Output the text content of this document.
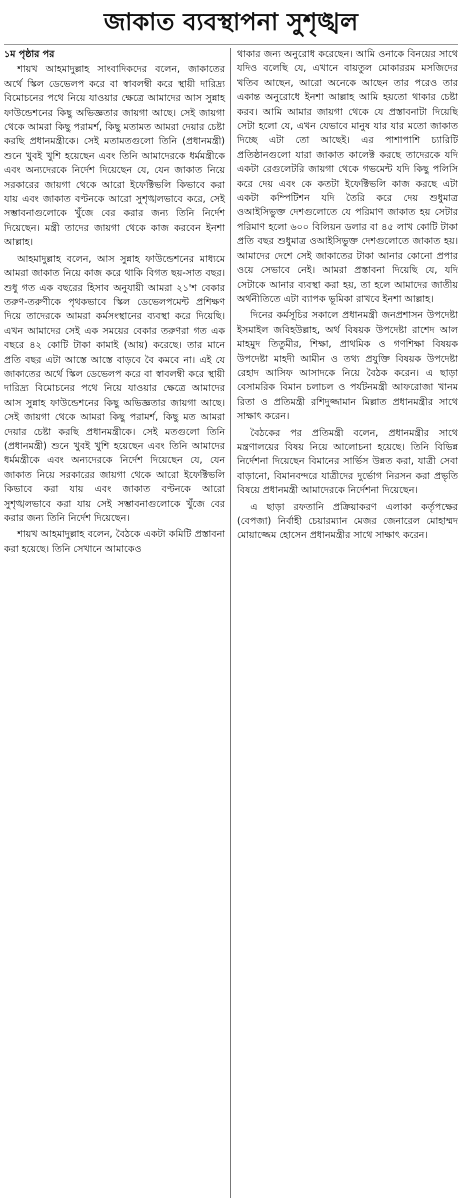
জাকাত ব্যবস্থাপনা সুশৃঙ্খল

১ম পৃষ্ঠার পর

শায়খ আহমাদুল্লাহ সাংবাদিকদের বলেন, জাকাতের অর্থে স্কিল ডেভেলপ করে বা স্বাবলম্বী করে স্থায়ী দারিদ্র্য বিমোচনের পথে নিয়ে যাওয়ার ক্ষেত্রে আমাদের আস সুন্নাহ ফাউন্ডেশনের কিছু অভিজ্ঞতার জায়গা আছে। সেই জায়গা থেকে আমরা কিছু পরামর্শ, কিছু মতামত আমরা দেয়ার চেষ্টা করছি প্রধানমন্ত্রীকে। সেই মতামতগুলো তিনি (প্রধানমন্ত্রী) শুনে খুবই খুশি হয়েছেন এবং তিনি আমাদেরকে ধর্মমন্ত্রীকে এবং অন্যদেরকে নির্দেশ দিয়েছেন যে, যেন জাকাত নিয়ে সরকারের জায়গা থেকে আরো ইফেক্টিভলি কিভাবে করা যায় এবং জাকাত বণ্টনকে আরো সুশৃঙ্খলভাবে করে, সেই সম্ভাবনাগুলোকে খুঁজে বের করার জন্য তিনি নির্দেশ দিয়েছেন। মন্ত্রী তাদের জায়গা থেকে কাজ করবেন ইনশা আল্লাহ।

আহমাদুল্লাহ বলেন, আস সুন্নাহ ফাউন্ডেশনের মাধ্যমে আমরা জাকাত নিয়ে কাজ করে থাকি বিগত ছয়-সাত বছর। শুধু গত এক বছরের হিসাব অনুযায়ী আমরা ২১'শ বেকার তরুণ-তরুণীকে পৃথকভাবে স্কিল ডেভেলপমেন্ট প্রশিক্ষণ দিয়ে তাদেরকে আমরা কর্মসংস্থানের ব্যবস্থা করে দিয়েছি। এখন আমাদের সেই এক সময়ের বেকার তরুণরা গত এক বছরে ৪২ কোটি টাকা কামাই (আয়) করেছে। তার মানে প্রতি বছর এটা আস্তে আস্তে বাড়বে বৈ কমবে না। এই যে জাকাতের অর্থে স্কিল ডেভেলপ করে বা স্বাবলম্বী করে স্থায়ী দারিদ্র্য বিমোচনের পথে নিয়ে যাওয়ার ক্ষেত্রে আমাদের আস সুন্নাহ ফাউন্ডেশনের কিছু অভিজ্ঞতার জায়গা আছে। সেই জায়গা থেকে আমরা কিছু পরামর্শ, কিছু মত আমরা দেয়ার চেষ্টা করছি প্রধানমন্ত্রীকে। সেই মতগুলো তিনি (প্রধানমন্ত্রী) শুনে খুবই খুশি হয়েছেন এবং তিনি আমাদের ধর্মমন্ত্রীকে এবং অন্যদেরকে নির্দেশ দিয়েছেন যে, যেন জাকাত নিয়ে সরকারের জায়গা থেকে আরো ইফেক্টিভলি কিভাবে করা যায় এবং জাকাত বণ্টনকে আরো সুশৃঙ্খলভাবে করা যায় সেই সম্ভাবনাগুলোকে খুঁজে বের করার জন্য তিনি নির্দেশ দিয়েছেন।

শায়খ আহমাদুল্লাহ বলেন, বৈঠকে একটা কমিটি প্রস্তাবনা করা হয়েছে। তিনি সেখানে আমাকেও

থাকার জন্য অনুরোধ করেছেন। আমি ওনাকে বিনয়ের সাথে যদিও বলেছি যে, এখানে বায়তুল মোকাররম মসজিদের খতিব আছেন, আরো অনেকে আছেন তার পরেও তার একান্ত অনুরোধে ইনশা আল্লাহ আমি হয়তো থাকার চেষ্টা করব। আমি আমার জায়গা থেকে যে প্রস্তাবনাটা দিয়েছি সেটা হলো যে, এখন যেভাবে মানুষ যার যার মতো জাকাত দিচ্ছে এটা তো আছেই। এর পাশাপাশি চ্যারিটি প্রতিষ্ঠানগুলো যারা জাকাত কালেক্ট করছে তাদেরকে যদি একটা রেগুলেটরি জায়গা থেকে গভমেন্ট যদি কিছু পলিসি করে দেয় এবং কে কতটা ইফেক্টিভলি কাজ করছে এটা একটা কম্পিটিশন যদি তৈরি করে দেয় শুধুমাত্র ওআইসিভুক্ত দেশগুলোতে যে পরিমাণ জাকাত হয় সেটার পরিমাণ হলো ৬০০ বিলিয়ন ডলার বা ৪৫ লাখ কোটি টাকা প্রতি বছর শুধুমাত্র ওআইসিভুক্ত দেশগুলোতে জাকাত হয়। আমাদের দেশে সেই জাকাতের টাকা আনার কোনো প্রপার ওয়ে সেভাবে নেই। আমরা প্রস্তাবনা দিয়েছি যে, যদি সেটাকে আনার ব্যবস্থা করা হয়, তা হলে আমাদের জাতীয় অর্থনীতিতে এটা ব্যাপক ভূমিকা রাখবে ইনশা আল্লাহ।

দিনের কর্মসূচির সকালে প্রধানমন্ত্রী জনপ্রশাসন উপদেষ্টা ইসমাইল জবিহউল্লাহ, অর্থ বিষয়ক উপদেষ্টা রাশেদ আল মাহমুদ তিতুমীর, শিক্ষা, প্রাথমিক ও গণশিক্ষা বিষয়ক উপদেষ্টা মাহদী আমীন ও তথ্য প্রযুক্তি বিষয়ক উপদেষ্টা রেহাদ আসিফ আসাদকে নিয়ে বৈঠক করেন। এ ছাড়া বেসামরিক বিমান চলাচল ও পর্যটনমন্ত্রী আফরোজা খানম রিতা ও প্রতিমন্ত্রী রশিদুজ্জামান মিল্লাত প্রধানমন্ত্রীর সাথে সাক্ষাৎ করেন।

বৈঠকের পর প্রতিমন্ত্রী বলেন, প্রধানমন্ত্রীর সাথে মন্ত্রণালয়ের বিষয় নিয়ে আলোচনা হয়েছে। তিনি বিভিন্ন নির্দেশনা দিয়েছেন বিমানের সার্ভিস উন্নত করা, যাত্রী সেবা বাড়ানো, বিমানবন্দরে যাত্রীদের দুর্ভোগ নিরসন করা প্রভৃতি বিষয়ে প্রধানমন্ত্রী আমাদেরকে নির্দেশনা দিয়েছেন।

এ ছাড়া রফতানি প্রক্রিয়াকরণ এলাকা কর্তৃপক্ষের (বেপজা) নির্বাহী চেয়ারম্যান মেজর জেনারেল মোহাম্মদ মোয়াজ্জেম হোসেন প্রধানমন্ত্রীর সাথে সাক্ষাৎ করেন।
